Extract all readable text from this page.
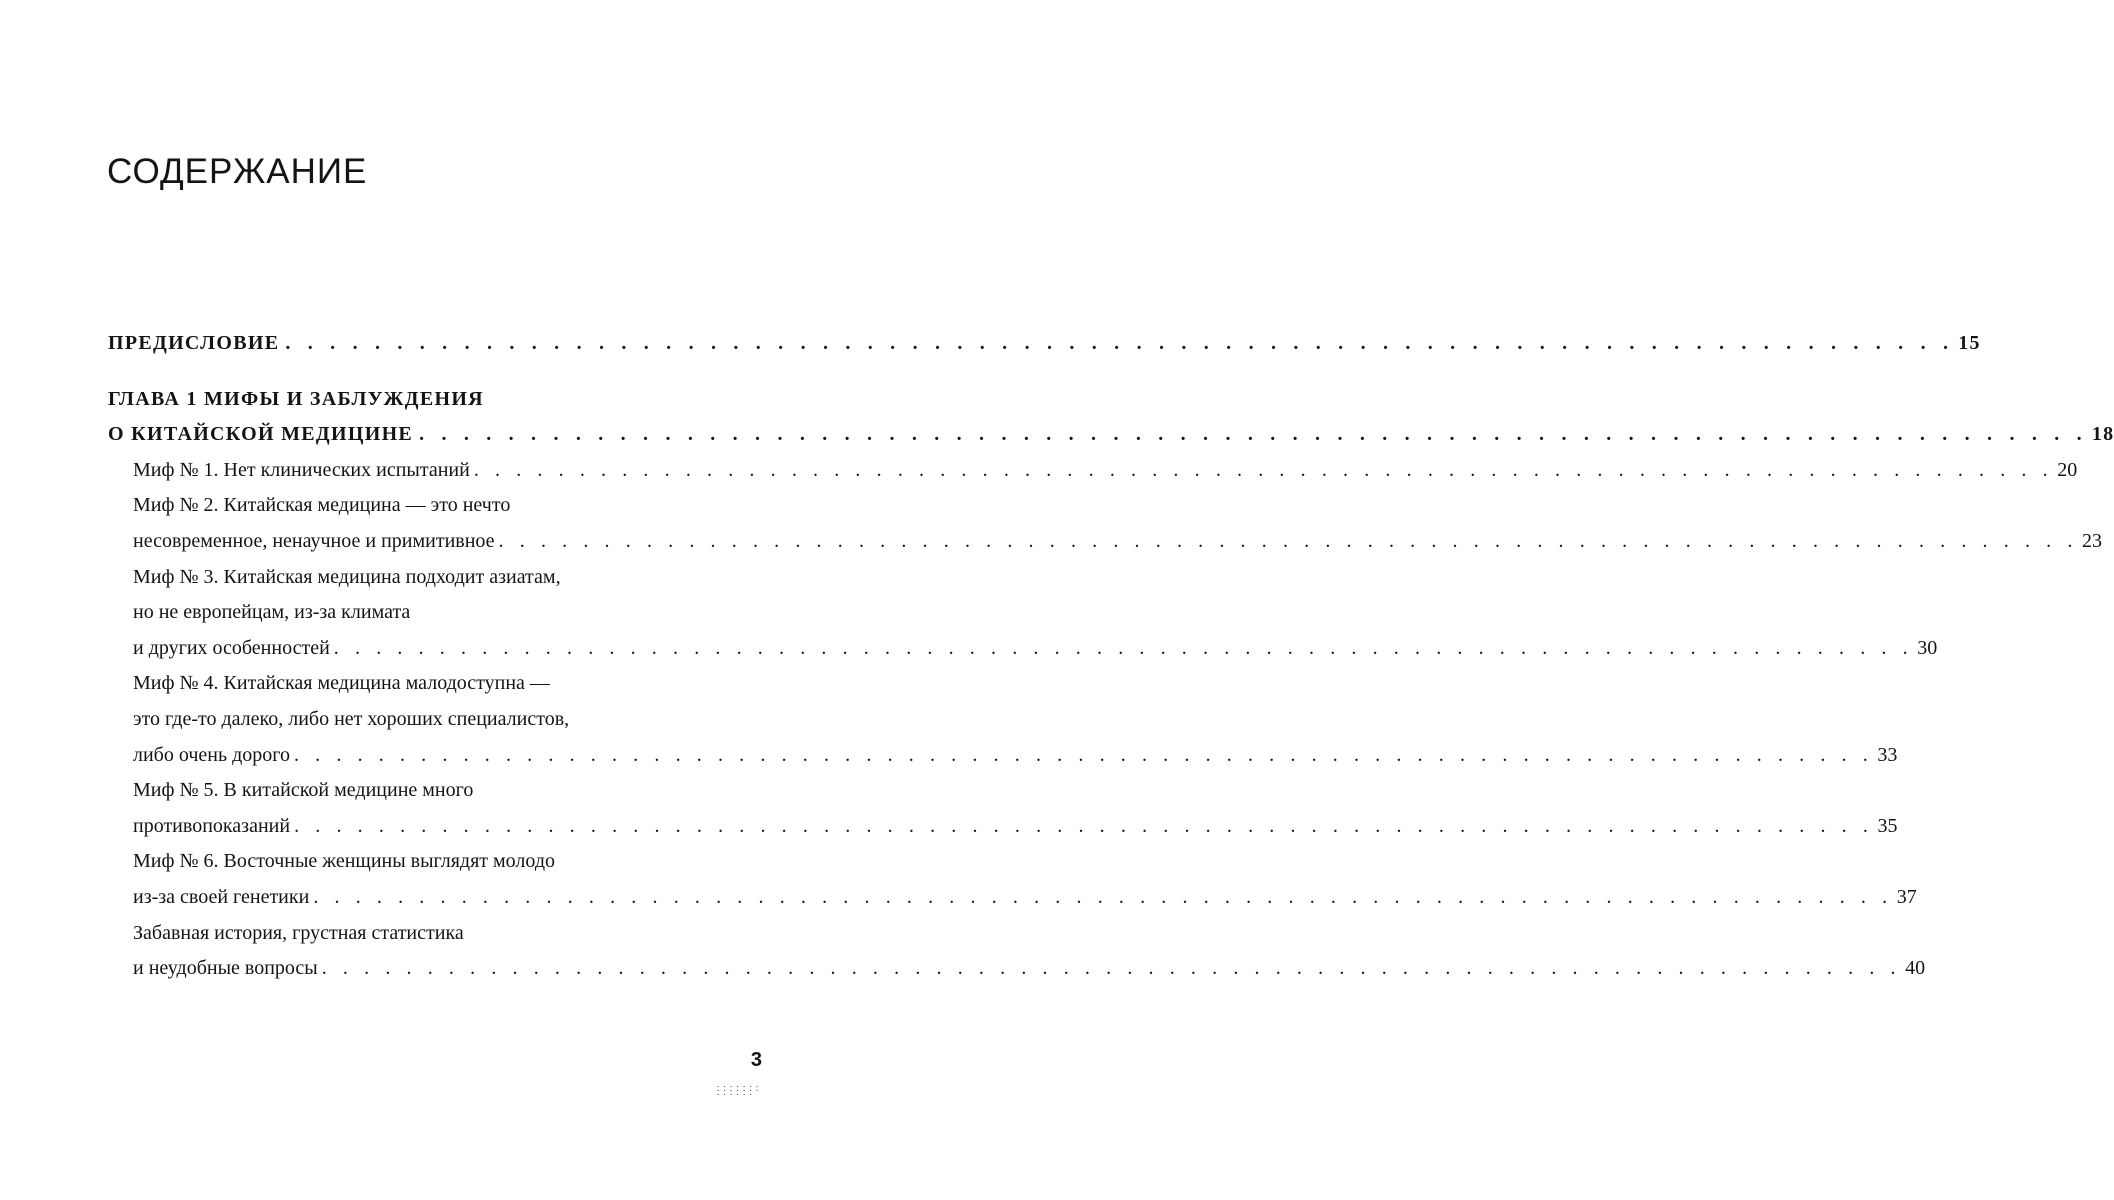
СОДЕРЖАНИЕ
ПРЕДИСЛОВИЕ . . . . . . . . . . . . . . . . . . . . . . . . . . . . . . . . . . . . . . . . . . . . . . . . . . . . . . . . . . . . . . . . . . . . . . . . . . . 15
ГЛАВА 1 МИФЫ И ЗАБЛУЖДЕНИЯ
О КИТАЙСКОЙ МЕДИЦИНЕ . . . . . . . . . . . . . . . . . . . . . . . . . . . . . . . . . . . . . . . . . . . . . . . . . . . . . . . . . . . . . . . . . . . . . . . . . . . 18
Миф № 1. Нет клинических испытаний . . . . . . . . . . . . . . . . . . . . . . . . . . . . . . . . . . . . . . . . . . . . . . . . . . . . . . . . . . . . . . . . . . . . . . . . . . . 20
Миф № 2. Китайская медицина — это нечто
несовременное, ненаучное и примитивное . . . . . . . . . . . . . . . . . . . . . . . . . . . . . . . . . . . . . . . . . . . . . . . . . . . . . . . . . . . . . . . . . . . . . . . . . . . 23
Миф № 3. Китайская медицина подходит азиатам,
но не европейцам, из-за климата
и других особенностей . . . . . . . . . . . . . . . . . . . . . . . . . . . . . . . . . . . . . . . . . . . . . . . . . . . . . . . . . . . . . . . . . . . . . . . . . . . 30
Миф № 4. Китайская медицина малодоступна —
это где-то далеко, либо нет хороших специалистов,
либо очень дорого . . . . . . . . . . . . . . . . . . . . . . . . . . . . . . . . . . . . . . . . . . . . . . . . . . . . . . . . . . . . . . . . . . . . . . . . . . . 33
Миф № 5. В китайской медицине много
противопоказаний . . . . . . . . . . . . . . . . . . . . . . . . . . . . . . . . . . . . . . . . . . . . . . . . . . . . . . . . . . . . . . . . . . . . . . . . . . . 35
Миф № 6. Восточные женщины выглядят молодо
из-за своей генетики . . . . . . . . . . . . . . . . . . . . . . . . . . . . . . . . . . . . . . . . . . . . . . . . . . . . . . . . . . . . . . . . . . . . . . . . . . . 37
Забавная история, грустная статистика
и неудобные вопросы . . . . . . . . . . . . . . . . . . . . . . . . . . . . . . . . . . . . . . . . . . . . . . . . . . . . . . . . . . . . . . . . . . . . . . . . . . . 40
3
. . . . . . . . . . . . . . . . . . . .
